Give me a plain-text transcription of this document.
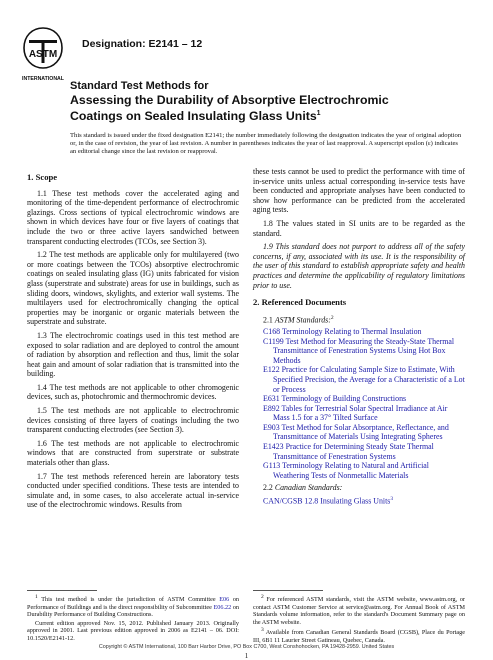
ASTM
INTERNATIONAL
Designation: E2141 – 12
Standard Test Methods for
Assessing the Durability of Absorptive Electrochromic
Coatings on Sealed Insulating Glass Units$^1$
This standard is issued under the fixed designation E2141; the number immediately following the designation indicates the year of original adoption or, in the case of revision, the year of last revision. A number in parentheses indicates the year of last reapproval. A superscript epsilon (ε) indicates an editorial change since the last revision or reapproval.
1. Scope

1.1 These test methods cover the accelerated aging and monitoring of the time-dependent performance of electrochromic glazings. Cross sections of typical electrochromic windows are shown in which devices have four or five layers of coatings that include the two or three active layers sandwiched between transparent conducting electrodes (TCOs, see Section 3).

1.2 The test methods are applicable only for multilayered (two or more coatings between the TCOs) absorptive electrochromic coatings on sealed insulating glass (IG) units fabricated for vision glass (superstrate and substrate) areas for use in buildings, such as sliding doors, windows, skylights, and exterior wall systems. The multilayers used for electrochromically changing the optical properties may be inorganic or organic materials between the superstrate and substrate.

1.3 The electrochromic coatings used in this test method are exposed to solar radiation and are deployed to control the amount of radiation by absorption and reflection and thus, limit the solar heat gain and amount of solar radiation that is transmitted into the building.

1.4 The test methods are not applicable to other chromogenic devices, such as, photochromic and thermochromic devices.

1.5 The test methods are not applicable to electrochromic devices consisting of three layers of coatings including the two transparent conducting electrodes (see Section 3).

1.6 The test methods are not applicable to electrochromic windows that are constructed from superstrate or substrate materials other than glass.

1.7 The test methods referenced herein are laboratory tests conducted under specified conditions. These tests are intended to simulate and, in some cases, to also accelerate actual in-service use of the electrochromic windows. Results from

these tests cannot be used to predict the performance with time of in-service units unless actual corresponding in-service tests have been conducted and appropriate analyses have been conducted to show how performance can be predicted from the accelerated aging tests.

1.8 The values stated in SI units are to be regarded as the standard.

1.9 This standard does not purport to address all of the safety concerns, if any, associated with its use. It is the responsibility of the user of this standard to establish appropriate safety and health practices and determine the applicability of regulatory limitations prior to use.

2. Referenced Documents
2.1 ASTM Standards:$^2$
C168 Terminology Relating to Thermal Insulation
C1199 Test Method for Measuring the Steady-State Thermal Transmittance of Fenestration Systems Using Hot Box Methods
E122 Practice for Calculating Sample Size to Estimate, With Specified Precision, the Average for a Characteristic of a Lot or Process
E631 Terminology of Building Constructions
E892 Tables for Terrestrial Solar Spectral Irradiance at Air Mass 1.5 for a 37° Tilted Surface
E903 Test Method for Solar Absorptance, Reflectance, and Transmittance of Materials Using Integrating Spheres
E1423 Practice for Determining Steady State Thermal Transmittance of Fenestration Systems
G113 Terminology Relating to Natural and Artificial Weathering Tests of Nonmetallic Materials
2.2 Canadian Standards:
CAN/CGSB 12.8 Insulating Glass Units$^3$

$^1$ This test method is under the jurisdiction of ASTM Committee E06 on Performance of Buildings and is the direct responsibility of Subcommittee E06.22 on Durability Performance of Building Constructions.

Current edition approved Nov. 15, 2012. Published January 2013. Originally approved in 2001. Last previous edition approved in 2006 as E2141 – 06. DOI: 10.1520/E2141-12.

$^2$ For referenced ASTM standards, visit the ASTM website, www.astm.org, or contact ASTM Customer Service at service@astm.org. For Annual Book of ASTM Standards volume information, refer to the standard's Document Summary page on the ASTM website.

$^3$ Available from Canadian General Standards Board (CGSB), Place du Portage III, 6B1 11 Laurier Street Gatineau, Quebec, Canada.

Copyright © ASTM International, 100 Barr Harbor Drive, PO Box C700, West Conshohocken, PA 19428-2959. United States
1
